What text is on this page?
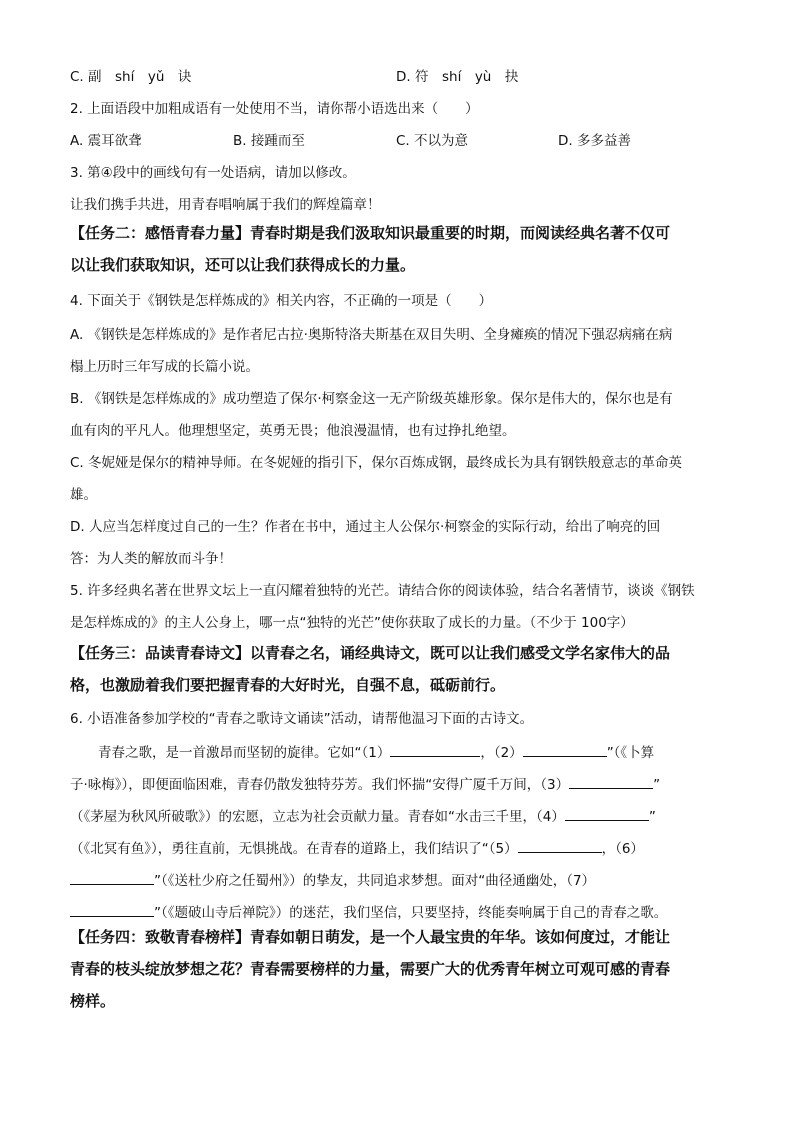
C. 副　shí　yǔ　诀	D. 符　shí　yù　抉
2. 上面语段中加粗成语有一处使用不当，请你帮小语选出来（　　）
A. 震耳欲聋	B. 接踵而至	C. 不以为意	D. 多多益善
3. 第④段中的画线句有一处语病，请加以修改。
让我们携手共进，用青春唱响属于我们的辉煌篇章！
【任务二：感悟青春力量】青春时期是我们汲取知识最重要的时期，而阅读经典名著不仅可
以让我们获取知识，还可以让我们获得成长的力量。
4. 下面关于《钢铁是怎样炼成的》相关内容，不正确的一项是（　　）
A. 《钢铁是怎样炼成的》是作者尼古拉·奥斯特洛夫斯基在双目失明、全身瘫痪的情况下强忍病痛在病
榻上历时三年写成的长篇小说。
B. 《钢铁是怎样炼成的》成功塑造了保尔·柯察金这一无产阶级英雄形象。保尔是伟大的，保尔也是有
血有肉的平凡人。他理想坚定，英勇无畏；他浪漫温情，也有过挣扎绝望。
C. 冬妮娅是保尔的精神导师。在冬妮娅的指引下，保尔百炼成钢，最终成长为具有钢铁般意志的革命英
雄。
D. 人应当怎样度过自己的一生？作者在书中，通过主人公保尔·柯察金的实际行动，给出了响亮的回
答：为人类的解放而斗争！
5. 许多经典名著在世界文坛上一直闪耀着独特的光芒。请结合你的阅读体验，结合名著情节，谈谈《钢铁
是怎样炼成的》的主人公身上，哪一点“独特的光芒”使你获取了成长的力量。（不少于 100字）
【任务三：品读青春诗文】以青春之名，诵经典诗文，既可以让我们感受文学名家伟大的品
格，也激励着我们要把握青春的大好时光，自强不息，砥砺前行。
6. 小语准备参加学校的“青春之歌诗文诵读”活动，请帮他温习下面的古诗文。
青春之歌，是一首激昂而坚韧的旋律。它如“（1）	，（2）	”（《卜算
子·咏梅》），即便面临困难，青春仍散发独特芬芳。我们怀揣“安得广厦千万间，（3）	”
（《茅屋为秋风所破歌》）的宏愿，立志为社会贡献力量。青春如“水击三千里，（4）	”
（《北冥有鱼》），勇往直前，无惧挑战。在青春的道路上，我们结识了“（5）	，（6）
”（《送杜少府之任蜀州》）的挚友，共同追求梦想。面对“曲径通幽处，（7）
”（《题破山寺后禅院》）的迷茫，我们坚信，只要坚持，终能奏响属于自己的青春之歌。
【任务四：致敬青春榜样】青春如朝日萌发，是一个人最宝贵的年华。该如何度过，才能让
青春的枝头绽放梦想之花？青春需要榜样的力量，需要广大的优秀青年树立可观可感的青春
榜样。
